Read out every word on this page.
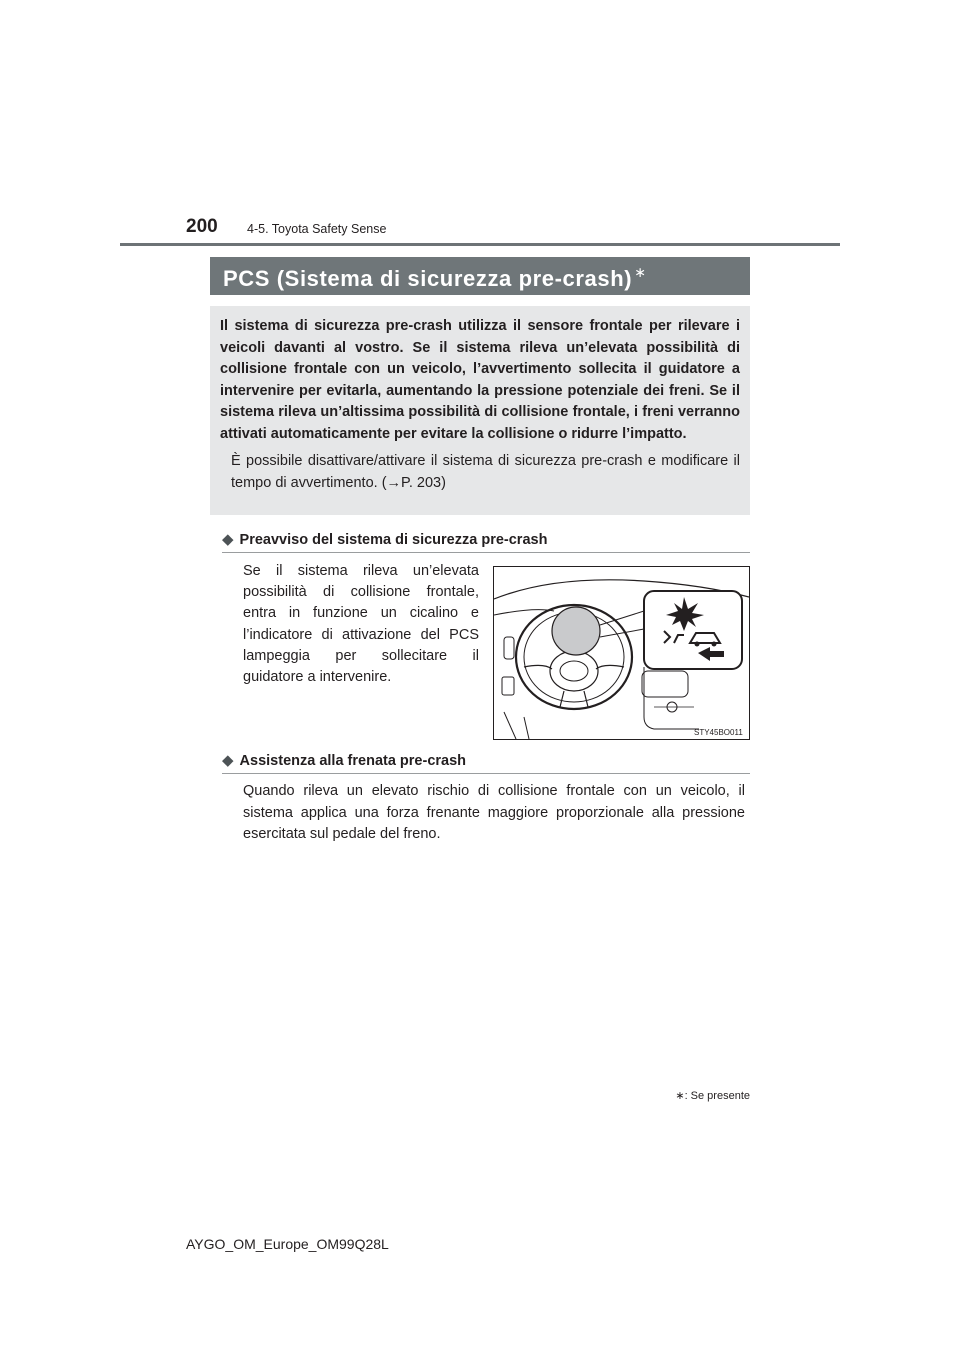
200 4-5. Toyota Safety Sense
PCS (Sistema di sicurezza pre-crash) ∗

Il sistema di sicurezza pre-crash utilizza il sensore frontale per rilevare i veicoli davanti al vostro. Se il sistema rileva un’elevata possibilità di collisione frontale con un veicolo, l’avvertimento sollecita il guidatore a intervenire per evitarla, aumentando la pressione potenziale dei freni. Se il sistema rileva un’altissima possibilità di collisione frontale, i freni verranno attivati automaticamente per evitare la collisione o ridurre l’impatto.

È possibile disattivare/attivare il sistema di sicurezza pre-crash e modificare il tempo di avvertimento. (→P. 203)

◆ Preavviso del sistema di sicurezza pre-crash
Se il sistema rileva un’elevata possibilità di collisione frontale, entra in funzione un cicalino e l’indicatore di attivazione del PCS lampeggia per sollecitare il guidatore a intervenire.
STY45BO011
◆ Assistenza alla frenata pre-crash
Quando rileva un elevato rischio di collisione frontale con un veicolo, il sistema applica una forza frenante maggiore proporzionale alla pressione esercitata sul pedale del freno.
∗: Se presente
AYGO_OM_Europe_OM99Q28L
